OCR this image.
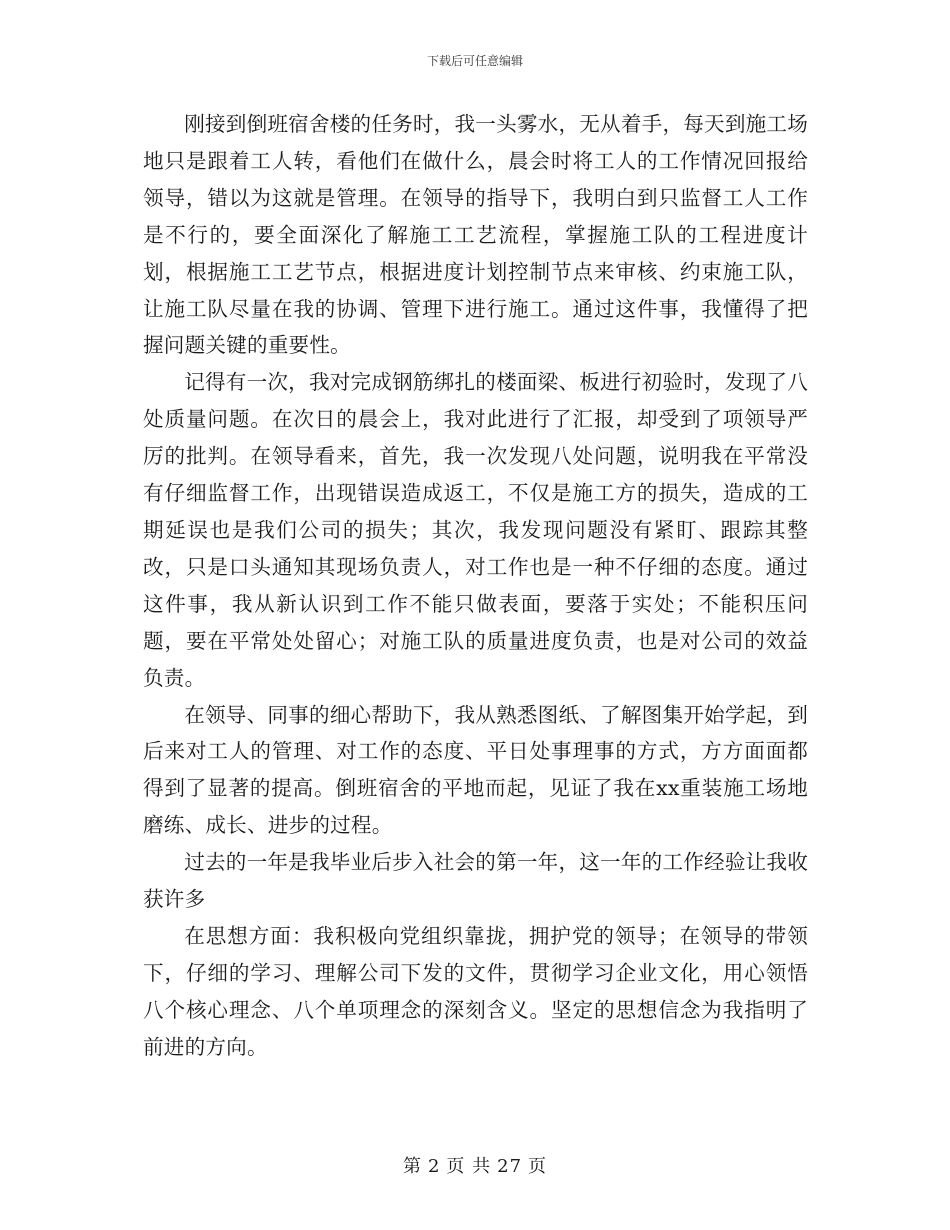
下载后可任意编辑

刚接到倒班宿舍楼的任务时，我一头雾水，无从着手，每天到施工场地只是跟着工人转，看他们在做什么，晨会时将工人的工作情况回报给领导，错以为这就是管理。在领导的指导下，我明白到只监督工人工作是不行的，要全面深化了解施工工艺流程，掌握施工队的工程进度计划，根据施工工艺节点，根据进度计划控制节点来审核、约束施工队，让施工队尽量在我的协调、管理下进行施工。通过这件事，我懂得了把握问题关键的重要性。

记得有一次，我对完成钢筋绑扎的楼面梁、板进行初验时，发现了八处质量问题。在次日的晨会上，我对此进行了汇报，却受到了项领导严厉的批判。在领导看来，首先，我一次发现八处问题，说明我在平常没有仔细监督工作，出现错误造成返工，不仅是施工方的损失，造成的工期延误也是我们公司的损失；其次，我发现问题没有紧盯、跟踪其整改，只是口头通知其现场负责人，对工作也是一种不仔细的态度。通过这件事，我从新认识到工作不能只做表面，要落于实处；不能积压问题，要在平常处处留心；对施工队的质量进度负责，也是对公司的效益负责。

在领导、同事的细心帮助下，我从熟悉图纸、了解图集开始学起，到后来对工人的管理、对工作的态度、平日处事理事的方式，方方面面都得到了显著的提高。倒班宿舍的平地而起，见证了我在xx重装施工场地磨练、成长、进步的过程。

过去的一年是我毕业后步入社会的第一年，这一年的工作经验让我收获许多

在思想方面：我积极向党组织靠拢，拥护党的领导；在领导的带领下，仔细的学习、理解公司下发的文件，贯彻学习企业文化，用心领悟八个核心理念、八个单项理念的深刻含义。坚定的思想信念为我指明了前进的方向。

第 2 页 共 27 页
